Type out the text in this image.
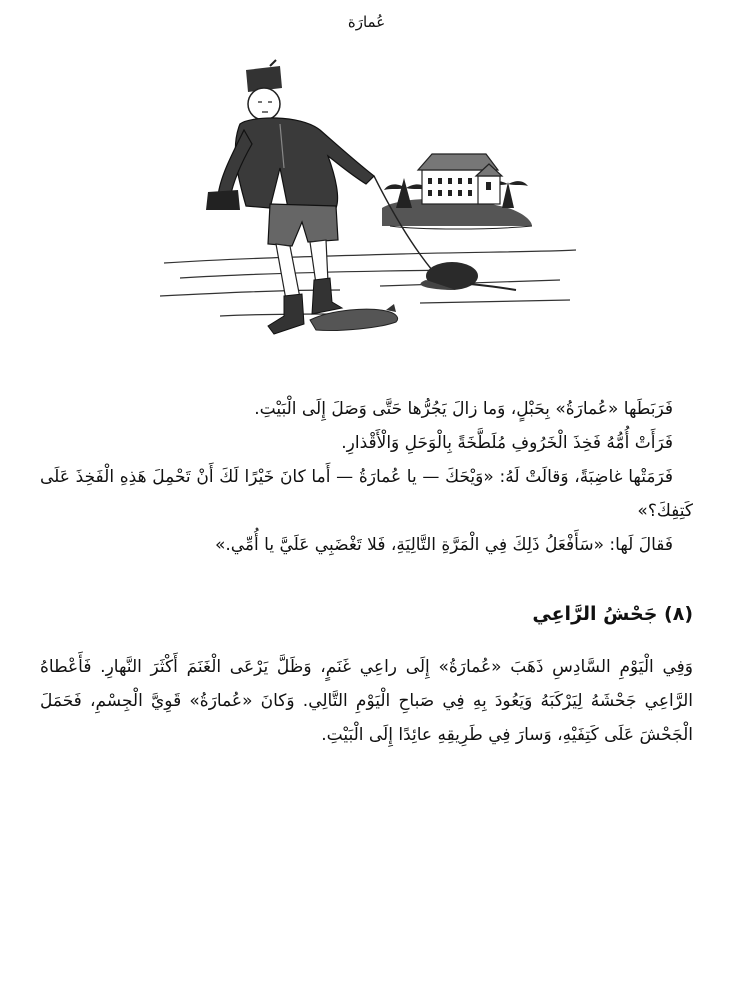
عُمارَة

فَرَبَطَها «عُمارَةُ» بِحَبْلٍ، وَما زالَ يَجُرُّها حَتَّى وَصَلَ إِلَى الْبَيْتِ.

فَرَأَتْ أُمُّهُ فَخِذَ الْخَرُوفِ مُلَطَّخَةً بِالْوَحَلِ وَالْأَقْذارِ.

فَرَمَتْها غاضِبَةً، وَقالَتْ لَهُ: «وَيْحَكَ — يا عُمارَةُ — أَما كانَ خَيْرًا لَكَ أَنْ تَحْمِلَ هَذِهِ الْفَخِذَ عَلَى كَتِفِكَ؟»

فَقالَ لَها: «سَأَفْعَلُ ذَلِكَ فِي الْمَرَّةِ التَّالِيَةِ، فَلا تَغْضَبِي عَلَيَّ يا أُمِّي.»

(٨) جَحْشُ الرَّاعِي

وَفِي الْيَوْمِ السَّادِسِ ذَهَبَ «عُمارَةُ» إِلَى راعِي غَنَمٍ، وَظَلَّ يَرْعَى الْغَنَمَ أَكْثَرَ النَّهارِ. فَأَعْطاهُ الرَّاعِي جَحْشَهُ لِيَرْكَبَهُ وَيَعُودَ بِهِ فِي صَباحِ الْيَوْمِ التَّالِي. وَكانَ «عُمارَةُ» قَوِيَّ الْجِسْمِ، فَحَمَلَ الْجَحْشَ عَلَى كَتِفَيْهِ، وَسارَ فِي طَرِيقِهِ عائِدًا إِلَى الْبَيْتِ.
